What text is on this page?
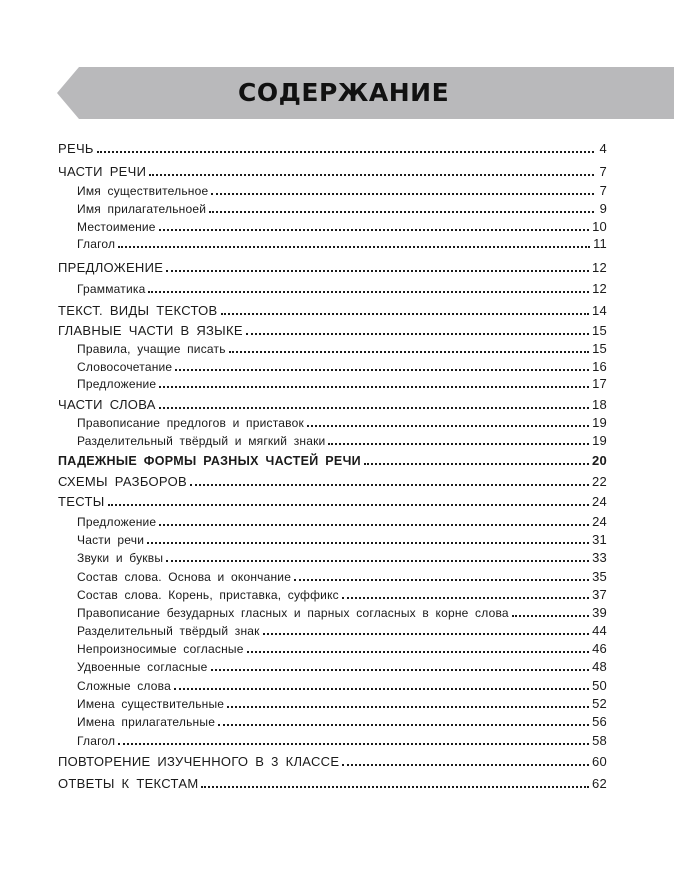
СОДЕРЖАНИЕ
РЕЧЬ	4
ЧАСТИ РЕЧИ	7
Имя существительное	7
Имя прилагательноей	9
Местоимение	10
Глагол	11
ПРЕДЛОЖЕНИЕ	12
Грамматика	12
ТЕКСТ. ВИДЫ ТЕКСТОВ	14
ГЛАВНЫЕ ЧАСТИ В ЯЗЫКЕ	15
Правила, учащие писать	15
Словосочетание	16
Предложение	17
ЧАСТИ СЛОВА	18
Правописание предлогов и приставок	19
Разделительный твёрдый и мягкий знаки	19
ПАДЕЖНЫЕ ФОРМЫ РАЗНЫХ ЧАСТЕЙ РЕЧИ	20
СХЕМЫ РАЗБОРОВ	22
ТЕСТЫ	24
Предложение	24
Части речи	31
Звуки и буквы	33
Состав слова. Основа и окончание	35
Состав слова. Корень, приставка, суффикс	37
Правописание безударных гласных и парных согласных в корне слова	39
Разделительный твёрдый знак	44
Непроизносимые согласные	46
Удвоенные согласные	48
Сложные слова	50
Имена существительные	52
Имена прилагательные	56
Глагол	58
ПОВТОРЕНИЕ ИЗУЧЕННОГО В 3 КЛАССЕ	60
ОТВЕТЫ К ТЕКСТАМ	62
